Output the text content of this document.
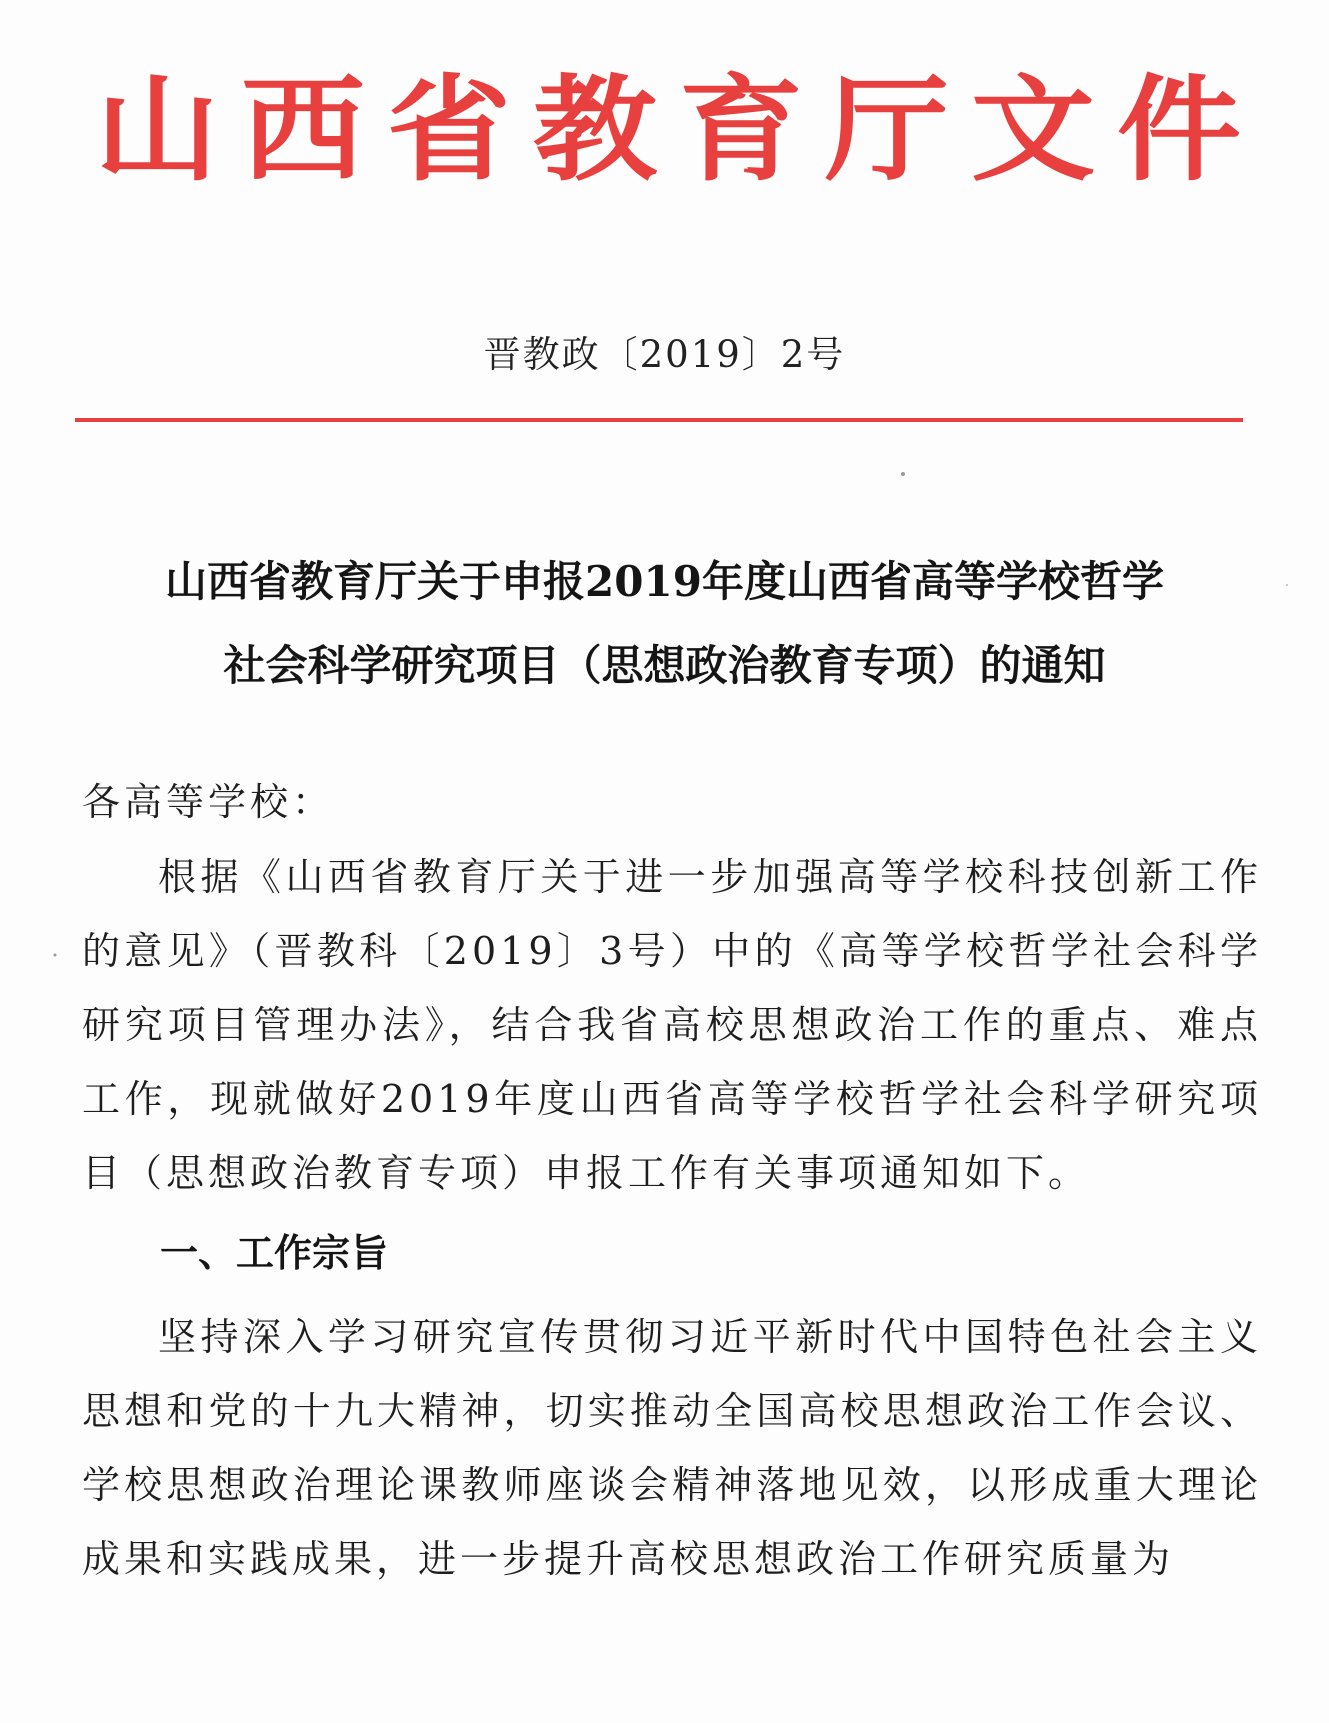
山西省教育厅文件
晋教政〔2019〕2号
山西省教育厅关于申报2019年度山西省高等学校哲学
社会科学研究项目（思想政治教育专项）的通知
各高等学校：
根据《山西省教育厅关于进一步加强高等学校科技创新工作的意见》（晋教科〔2019〕3号）中的《高等学校哲学社会科学研究项目管理办法》，结合我省高校思想政治工作的重点、难点工作，现就做好2019年度山西省高等学校哲学社会科学研究项目（思想政治教育专项）申报工作有关事项通知如下。
一、工作宗旨
坚持深入学习研究宣传贯彻习近平新时代中国特色社会主义思想和党的十九大精神，切实推动全国高校思想政治工作会议、学校思想政治理论课教师座谈会精神落地见效，以形成重大理论成果和实践成果，进一步提升高校思想政治工作研究质量为
